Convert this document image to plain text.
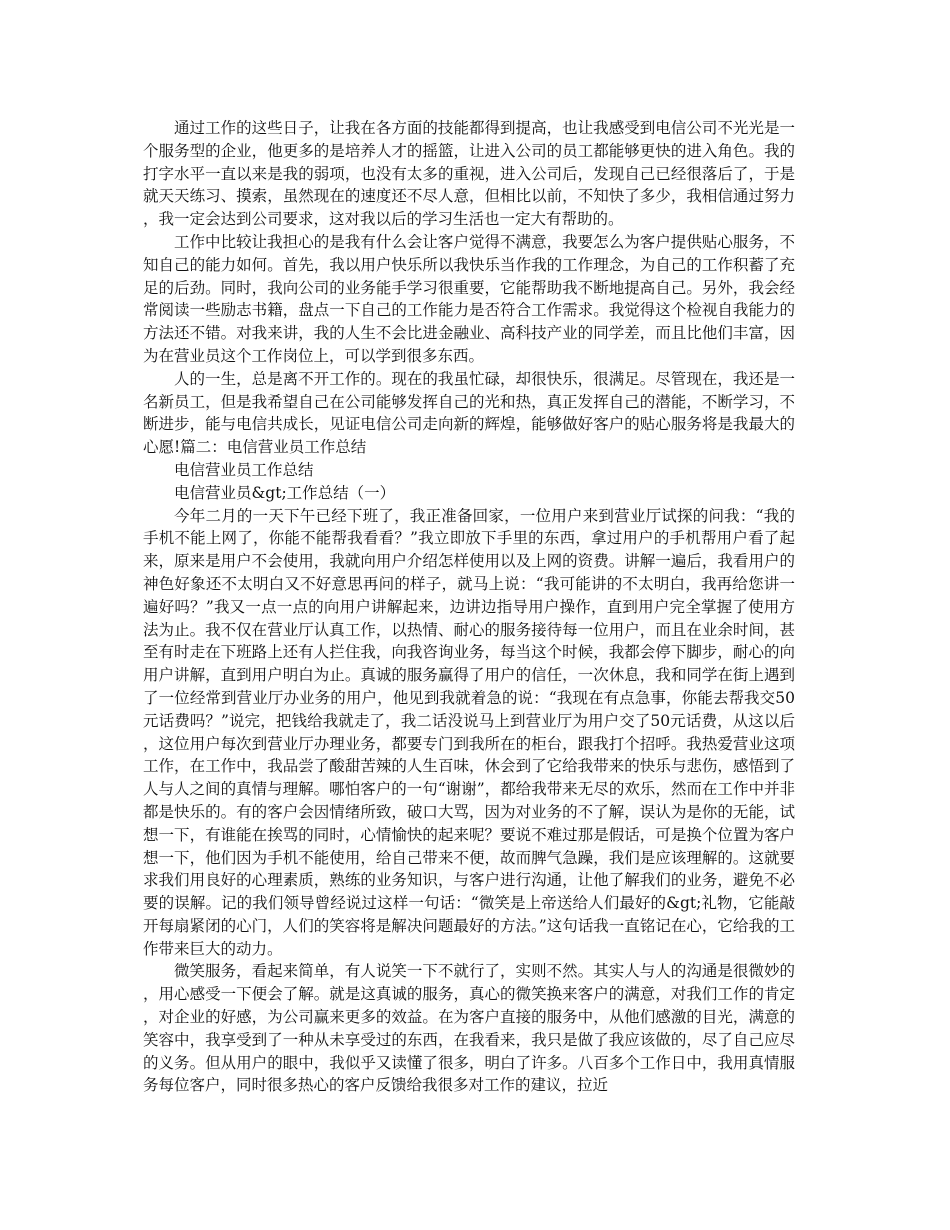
通过工作的这些日子，让我在各方面的技能都得到提高，也让我感受到电信公司不光光是一个服务型的企业，他更多的是培养人才的摇篮，让进入公司的员工都能够更快的进入角色。我的打字水平一直以来是我的弱项，也没有太多的重视，进入公司后，发现自己已经很落后了，于是就天天练习、摸索，虽然现在的速度还不尽人意，但相比以前，不知快了多少，我相信通过努力，我一定会达到公司要求，这对我以后的学习生活也一定大有帮助的。

工作中比较让我担心的是我有什么会让客户觉得不满意，我要怎么为客户提供贴心服务，不知自己的能力如何。首先，我以用户快乐所以我快乐当作我的工作理念，为自己的工作积蓄了充足的后劲。同时，我向公司的业务能手学习很重要，它能帮助我不断地提高自己。另外，我会经常阅读一些励志书籍，盘点一下自己的工作能力是否符合工作需求。我觉得这个检视自我能力的方法还不错。对我来讲，我的人生不会比进金融业、高科技产业的同学差，而且比他们丰富，因为在营业员这个工作岗位上，可以学到很多东西。

人的一生，总是离不开工作的。现在的我虽忙碌，却很快乐，很满足。尽管现在，我还是一名新员工，但是我希望自己在公司能够发挥自己的光和热，真正发挥自己的潜能，不断学习，不断进步，能与电信共成长，见证电信公司走向新的辉煌，能够做好客户的贴心服务将是我最大的心愿!篇二：电信营业员工作总结

电信营业员工作总结

电信营业员&gt;工作总结（一）

今年二月的一天下午已经下班了，我正准备回家，一位用户来到营业厅试探的问我：“我的手机不能上网了，你能不能帮我看看？”我立即放下手里的东西，拿过用户的手机帮用户看了起来，原来是用户不会使用，我就向用户介绍怎样使用以及上网的资费。讲解一遍后，我看用户的神色好象还不太明白又不好意思再问的样子，就马上说：“我可能讲的不太明白，我再给您讲一遍好吗？”我又一点一点的向用户讲解起来，边讲边指导用户操作，直到用户完全掌握了使用方法为止。我不仅在营业厅认真工作，以热情、耐心的服务接待每一位用户，而且在业余时间，甚至有时走在下班路上还有人拦住我，向我咨询业务，每当这个时候，我都会停下脚步，耐心的向用户讲解，直到用户明白为止。真诚的服务赢得了用户的信任，一次休息，我和同学在街上遇到了一位经常到营业厅办业务的用户，他见到我就着急的说：“我现在有点急事，你能去帮我交50元话费吗？”说完，把钱给我就走了，我二话没说马上到营业厅为用户交了50元话费，从这以后，这位用户每次到营业厅办理业务，都要专门到我所在的柜台，跟我打个招呼。我热爱营业这项工作，在工作中，我品尝了酸甜苦辣的人生百味，休会到了它给我带来的快乐与悲伤，感悟到了人与人之间的真情与理解。哪怕客户的一句“谢谢”，都给我带来无尽的欢乐，然而在工作中并非都是快乐的。有的客户会因情绪所致，破口大骂，因为对业务的不了解，误认为是你的无能，试想一下，有谁能在挨骂的同时，心情愉快的起来呢？要说不难过那是假话，可是换个位置为客户想一下，他们因为手机不能使用，给自己带来不便，故而脾气急躁，我们是应该理解的。这就要求我们用良好的心理素质，熟练的业务知识，与客户进行沟通，让他了解我们的业务，避免不必要的误解。记的我们领导曾经说过这样一句话：“微笑是上帝送给人们最好的&gt;礼物，它能敲开每扇紧闭的心门，人们的笑容将是解决问题最好的方法。”这句话我一直铭记在心，它给我的工作带来巨大的动力。

微笑服务，看起来简单，有人说笑一下不就行了，实则不然。其实人与人的沟通是很微妙的，用心感受一下便会了解。就是这真诚的服务，真心的微笑换来客户的满意，对我们工作的肯定，对企业的好感，为公司赢来更多的效益。在为客户直接的服务中，从他们感激的目光，满意的笑容中，我享受到了一种从未享受过的东西，在我看来，我只是做了我应该做的，尽了自己应尽的义务。但从用户的眼中，我似乎又读懂了很多，明白了许多。八百多个工作日中，我用真情服务每位客户，同时很多热心的客户反馈给我很多对工作的建议，拉近
